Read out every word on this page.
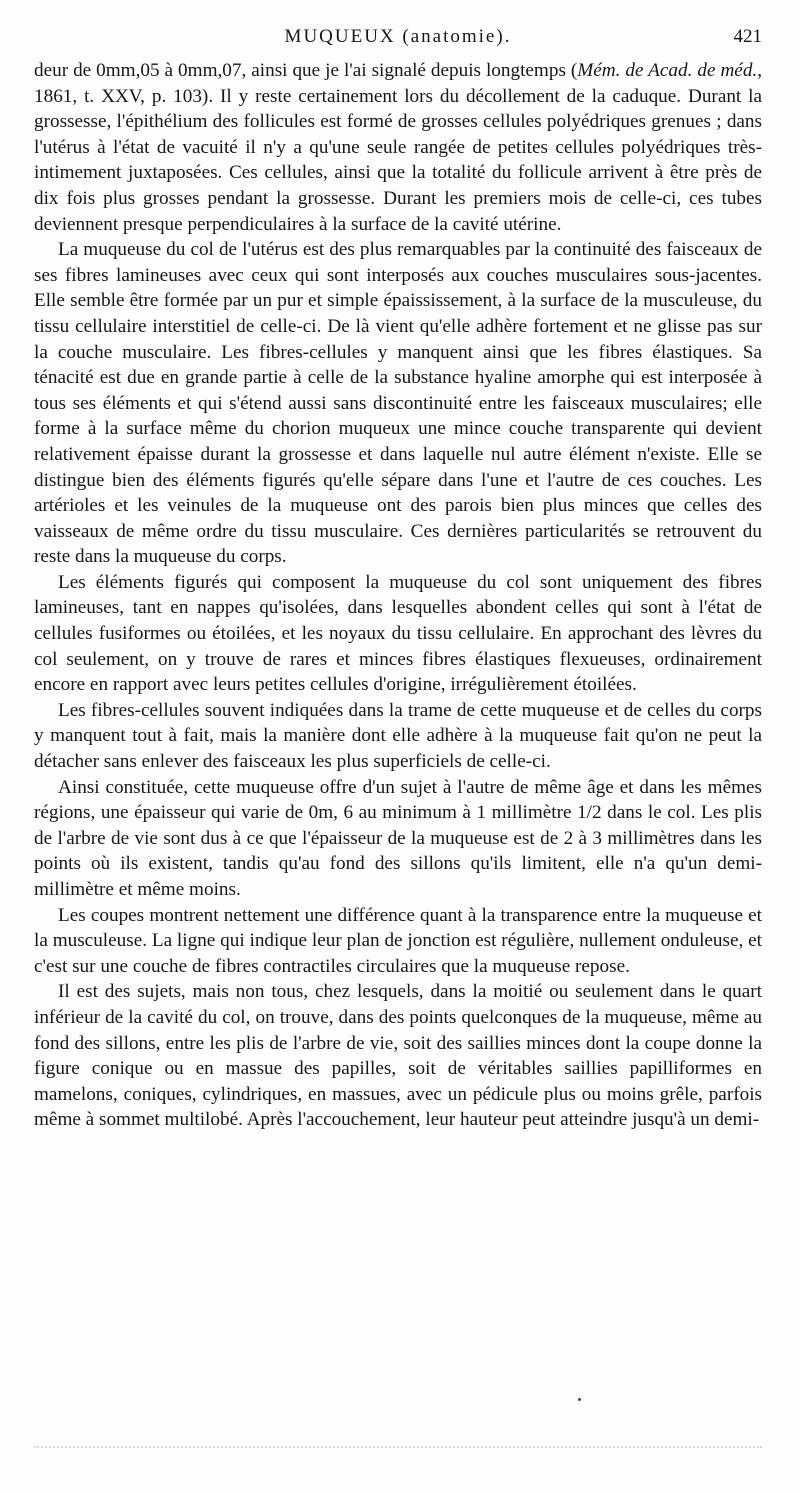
MUQUEUX (anatomie).	421

deur de 0mm,05 à 0mm,07, ainsi que je l'ai signalé depuis longtemps (Mém. de Acad. de méd., 1861, t. XXV, p. 103). Il y reste certainement lors du décollement de la caduque. Durant la grossesse, l'épithélium des follicules est formé de grosses cellules polyédriques grenues ; dans l'utérus à l'état de vacuité il n'y a qu'une seule rangée de petites cellules polyédriques très-intimement juxtaposées. Ces cellules, ainsi que la totalité du follicule arrivent à être près de dix fois plus grosses pendant la grossesse. Durant les premiers mois de celle-ci, ces tubes deviennent presque perpendiculaires à la surface de la cavité utérine.

La muqueuse du col de l'utérus est des plus remarquables par la continuité des faisceaux de ses fibres lamineuses avec ceux qui sont interposés aux couches musculaires sous-jacentes. Elle semble être formée par un pur et simple épaississement, à la surface de la musculeuse, du tissu cellulaire interstitiel de celle-ci. De là vient qu'elle adhère fortement et ne glisse pas sur la couche musculaire. Les fibres-cellules y manquent ainsi que les fibres élastiques. Sa ténacité est due en grande partie à celle de la substance hyaline amorphe qui est interposée à tous ses éléments et qui s'étend aussi sans discontinuité entre les faisceaux musculaires; elle forme à la surface même du chorion muqueux une mince couche transparente qui devient relativement épaisse durant la grossesse et dans laquelle nul autre élément n'existe. Elle se distingue bien des éléments figurés qu'elle sépare dans l'une et l'autre de ces couches. Les artérioles et les veinules de la muqueuse ont des parois bien plus minces que celles des vaisseaux de même ordre du tissu musculaire. Ces dernières particularités se retrouvent du reste dans la muqueuse du corps.

Les éléments figurés qui composent la muqueuse du col sont uniquement des fibres lamineuses, tant en nappes qu'isolées, dans lesquelles abondent celles qui sont à l'état de cellules fusiformes ou étoilées, et les noyaux du tissu cellulaire. En approchant des lèvres du col seulement, on y trouve de rares et minces fibres élastiques flexueuses, ordinairement encore en rapport avec leurs petites cellules d'origine, irrégulièrement étoilées.

Les fibres-cellules souvent indiquées dans la trame de cette muqueuse et de celles du corps y manquent tout à fait, mais la manière dont elle adhère à la muqueuse fait qu'on ne peut la détacher sans enlever des faisceaux les plus superficiels de celle-ci.

Ainsi constituée, cette muqueuse offre d'un sujet à l'autre de même âge et dans les mêmes régions, une épaisseur qui varie de 0m, 6 au minimum à 1 millimètre 1/2 dans le col. Les plis de l'arbre de vie sont dus à ce que l'épaisseur de la muqueuse est de 2 à 3 millimètres dans les points où ils existent, tandis qu'au fond des sillons qu'ils limitent, elle n'a qu'un demi-millimètre et même moins.

Les coupes montrent nettement une différence quant à la transparence entre la muqueuse et la musculeuse. La ligne qui indique leur plan de jonction est régulière, nullement onduleuse, et c'est sur une couche de fibres contractiles circulaires que la muqueuse repose.

Il est des sujets, mais non tous, chez lesquels, dans la moitié ou seulement dans le quart inférieur de la cavité du col, on trouve, dans des points quelconques de la muqueuse, même au fond des sillons, entre les plis de l'arbre de vie, soit des saillies minces dont la coupe donne la figure conique ou en massue des papilles, soit de véritables saillies papilliformes en mamelons, coniques, cylindriques, en massues, avec un pédicule plus ou moins grêle, parfois même à sommet multilobé. Après l'accouchement, leur hauteur peut atteindre jusqu'à un demi-
